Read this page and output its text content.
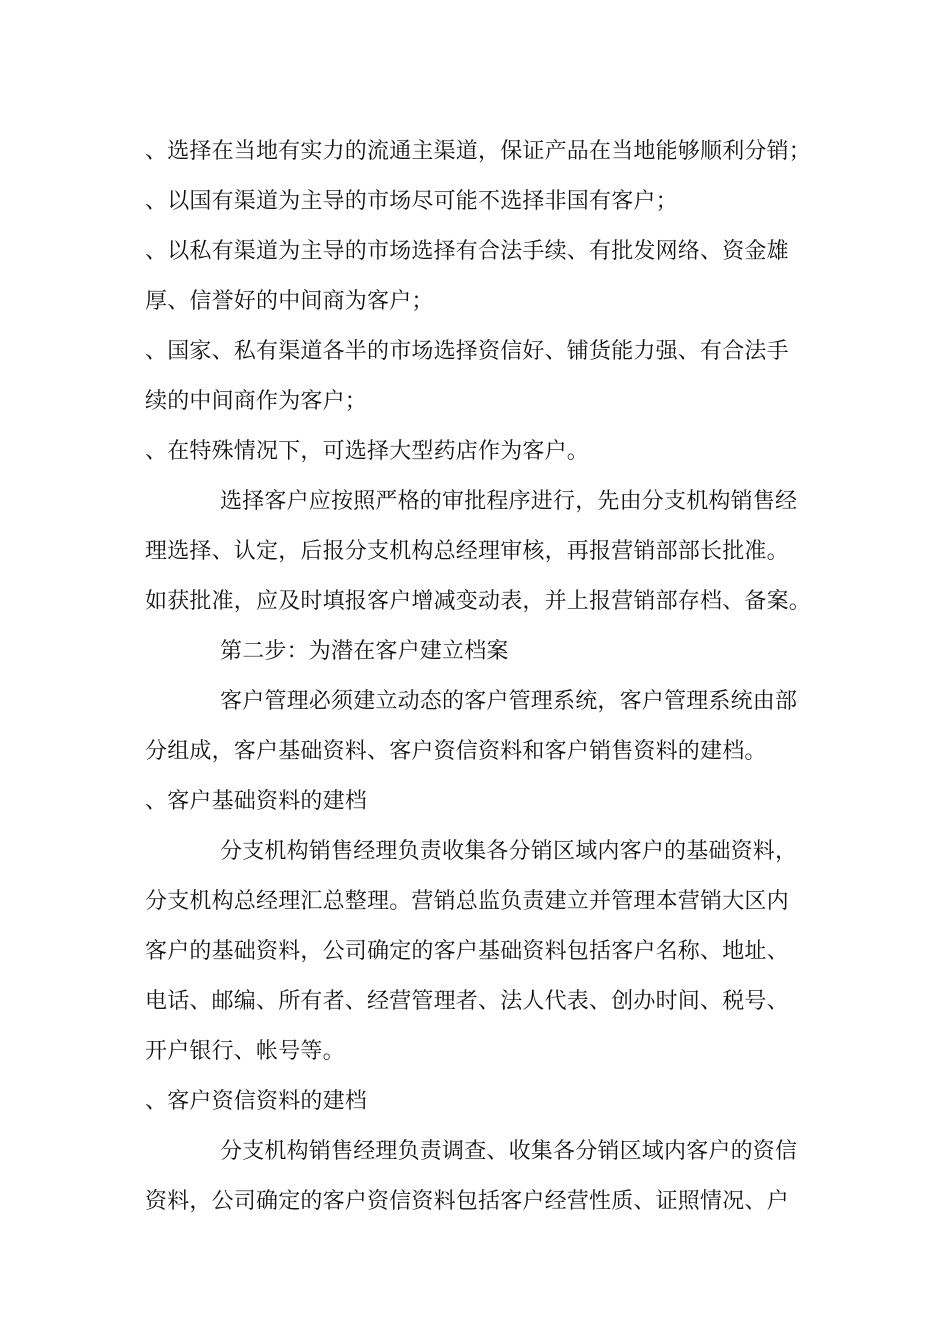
、选择在当地有实力的流通主渠道，保证产品在当地能够顺利分销；
、以国有渠道为主导的市场尽可能不选择非国有客户；
、以私有渠道为主导的市场选择有合法手续、有批发网络、资金雄
厚、信誉好的中间商为客户；
、国家、私有渠道各半的市场选择资信好、铺货能力强、有合法手
续的中间商作为客户；
、在特殊情况下，可选择大型药店作为客户。
选择客户应按照严格的审批程序进行，先由分支机构销售经
理选择、认定，后报分支机构总经理审核，再报营销部部长批准。
如获批准，应及时填报客户增减变动表，并上报营销部存档、备案。
第二步：为潜在客户建立档案
客户管理必须建立动态的客户管理系统，客户管理系统由部
分组成，客户基础资料、客户资信资料和客户销售资料的建档。
、客户基础资料的建档
分支机构销售经理负责收集各分销区域内客户的基础资料，
分支机构总经理汇总整理。营销总监负责建立并管理本营销大区内
客户的基础资料，公司确定的客户基础资料包括客户名称、地址、
电话、邮编、所有者、经营管理者、法人代表、创办时间、税号、
开户银行、帐号等。
、客户资信资料的建档
分支机构销售经理负责调查、收集各分销区域内客户的资信
资料，公司确定的客户资信资料包括客户经营性质、证照情况、户
